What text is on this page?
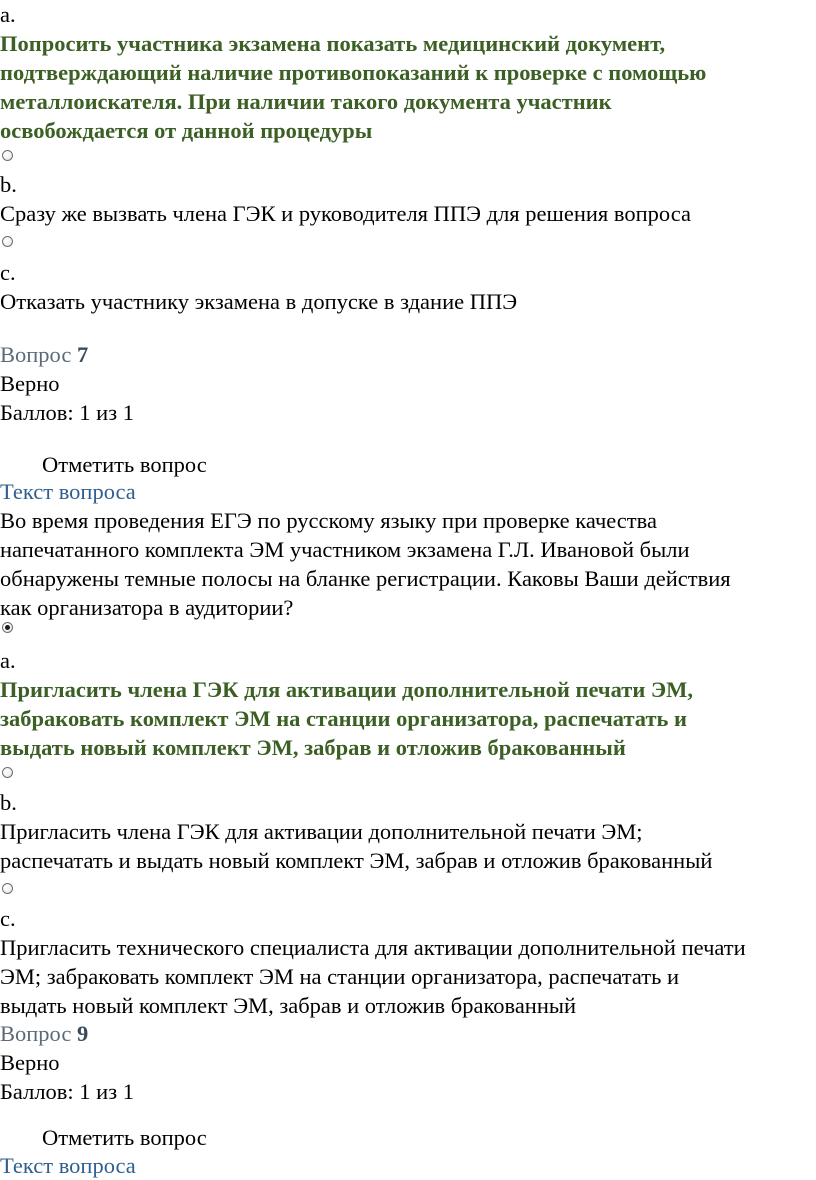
a.
Попросить участника экзамена показать медицинский документ,
подтверждающий наличие противопоказаний к проверке с помощью
металлоискателя. При наличии такого документа участник
освобождается от данной процедуры
b.
Сразу же вызвать члена ГЭК и руководителя ППЭ для решения вопроса
c.
Отказать участнику экзамена в допуске в здание ППЭ
Вопрос 7
Верно
Баллов: 1 из 1
Отметить вопрос
Текст вопроса
Во время проведения ЕГЭ по русскому языку при проверке качества
напечатанного комплекта ЭМ участником экзамена Г.Л. Ивановой были
обнаружены темные полосы на бланке регистрации. Каковы Ваши действия
как организатора в аудитории?
a.
Пригласить члена ГЭК для активации дополнительной печати ЭМ,
забраковать комплект ЭМ на станции организатора, распечатать и
выдать новый комплект ЭМ, забрав и отложив бракованный
b.
Пригласить члена ГЭК для активации дополнительной печати ЭМ;
распечатать и выдать новый комплект ЭМ, забрав и отложив бракованный
c.
Пригласить технического специалиста для активации дополнительной печати
ЭМ; забраковать комплект ЭМ на станции организатора, распечатать и
выдать новый комплект ЭМ, забрав и отложив бракованный
Вопрос 9
Верно
Баллов: 1 из 1
Отметить вопрос
Текст вопроса
